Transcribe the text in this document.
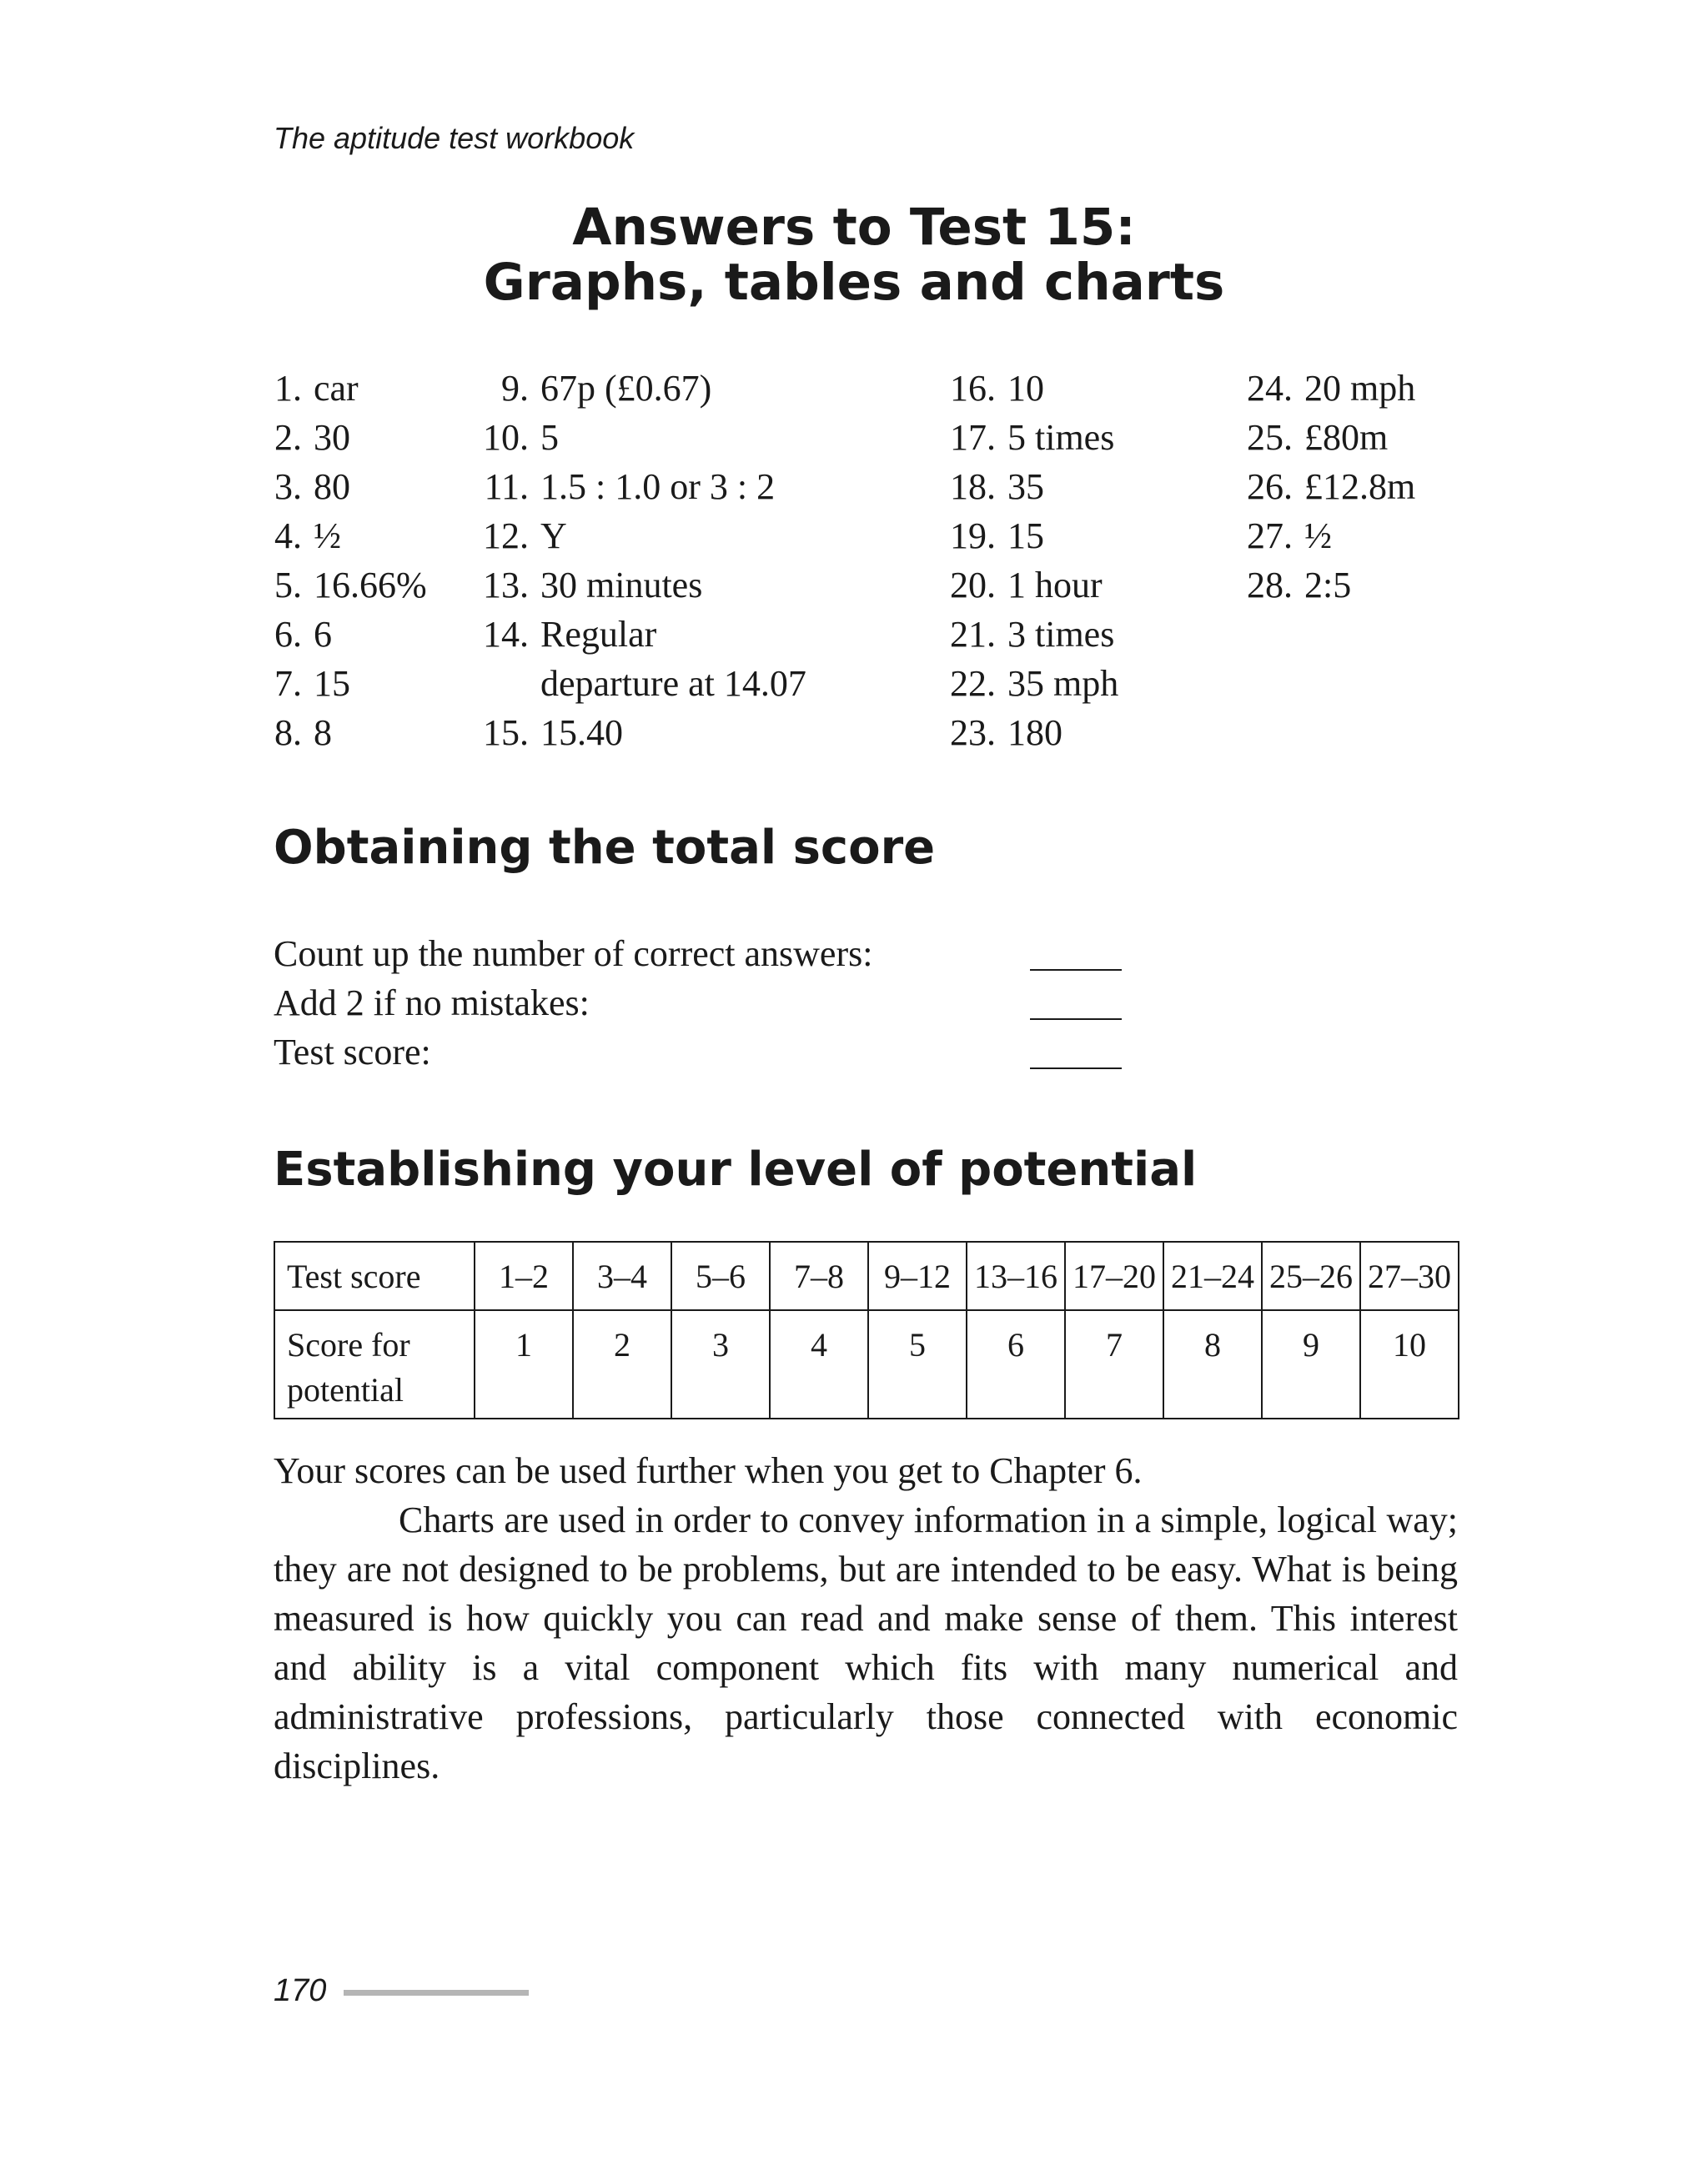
The aptitude test workbook
Answers to Test 15:
Graphs, tables and charts
1. car
2. 30
3. 80
4. ½
5. 16.66%
6. 6
7. 15
8. 8
9. 67p (£0.67)
10. 5
11. 1.5 : 1.0 or 3 : 2
12. Y
13. 30 minutes
14. Regular
departure at 14.07
15. 15.40
16. 10
17. 5 times
18. 35
19. 15
20. 1 hour
21. 3 times
22. 35 mph
23. 180
24. 20 mph
25. £80m
26. £12.8m
27. ½
28. 2:5
Obtaining the total score
Count up the number of correct answers:
Add 2 if no mistakes:
Test score:
Establishing your level of potential
Test score	1–2	3–4	5–6	7–8	9–12	13–16	17–20	21–24	25–26	27–30

Score for
potential	1	2	3	4	5	6	7	8	9	10

Your scores can be used further when you get to Chapter 6.

Charts are used in order to convey information in a simple, logical way; they are not designed to be problems, but are intended to be easy. What is being measured is how quickly you can read and make sense of them. This interest and ability is a vital component which fits with many numerical and administrative professions, particularly those connected with economic disciplines.

170
